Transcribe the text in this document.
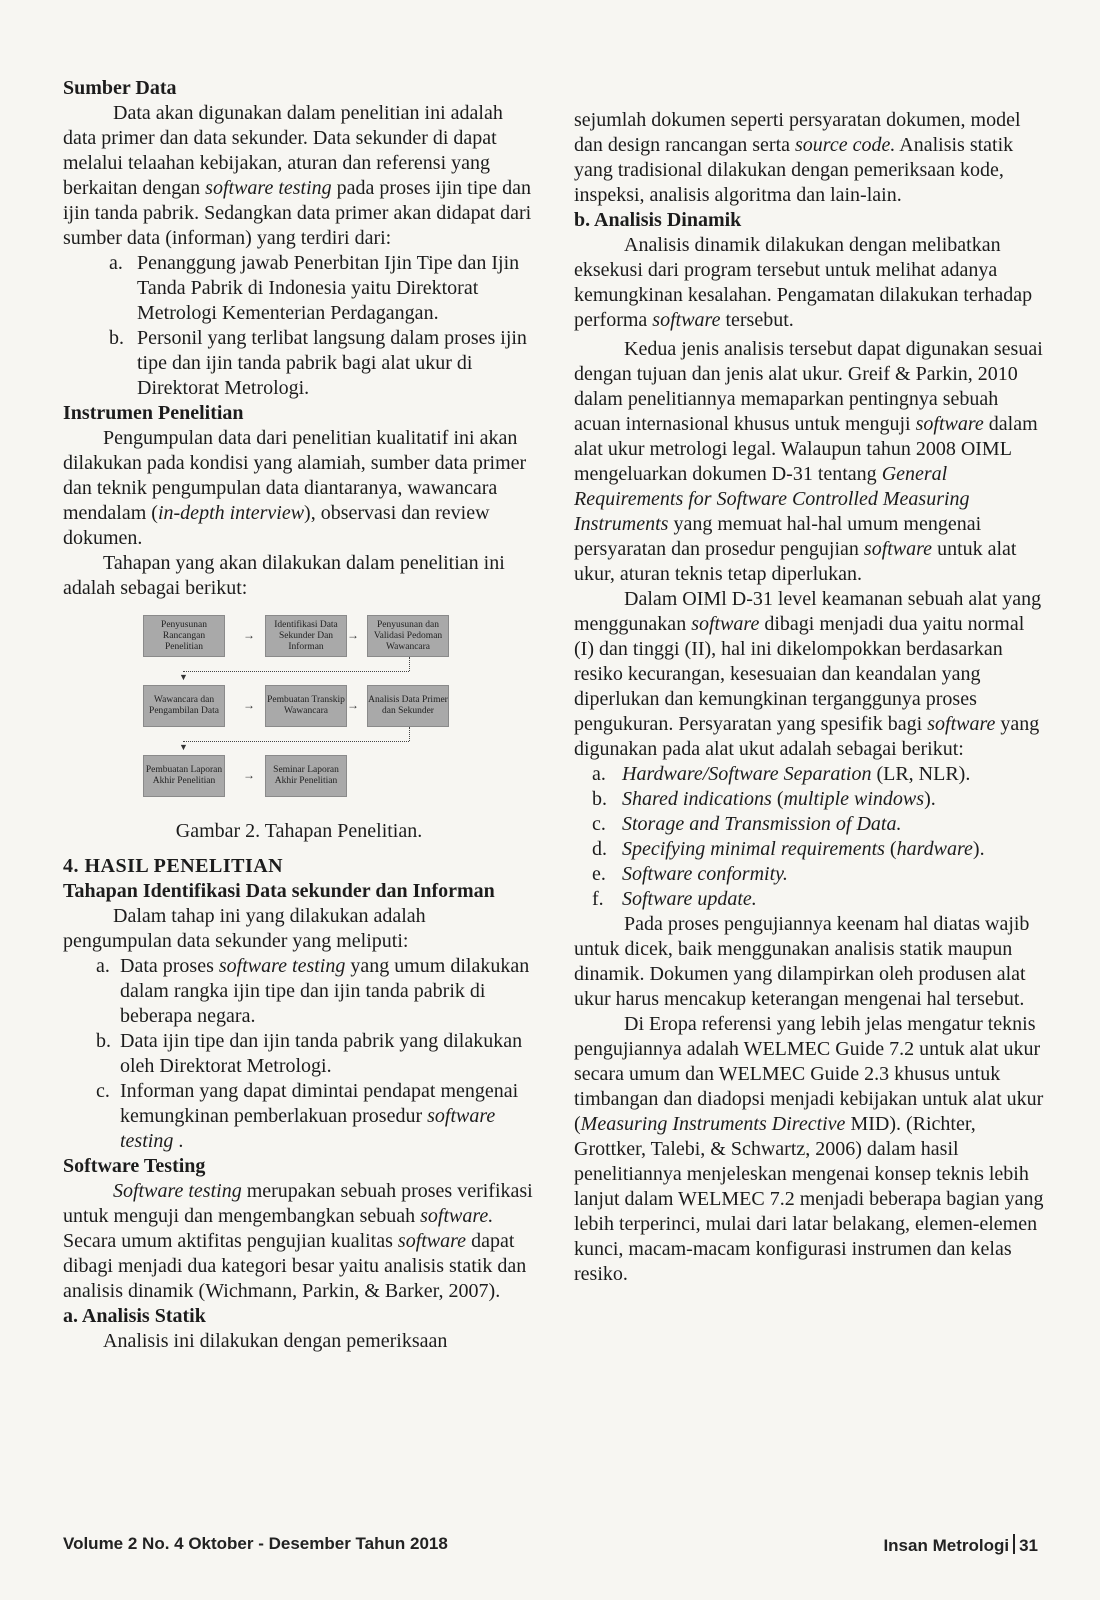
Sumber Data

Data akan digunakan dalam penelitian ini adalah data primer dan data sekunder. Data sekunder di dapat melalui telaahan kebijakan, aturan dan referensi yang berkaitan dengan software testing pada proses ijin tipe dan ijin tanda pabrik. Sedangkan data primer akan didapat dari sumber data (informan) yang terdiri dari:

a. Penanggung jawab Penerbitan Ijin Tipe dan Ijin Tanda Pabrik di Indonesia yaitu Direktorat Metrologi Kementerian Perdagangan.
b. Personil yang terlibat langsung dalam proses ijin tipe dan ijin tanda pabrik bagi alat ukur di Direktorat Metrologi.
Instrumen Penelitian

Pengumpulan data dari penelitian kualitatif ini akan dilakukan pada kondisi yang alamiah, sumber data primer dan teknik pengumpulan data diantaranya, wawancara mendalam (in-depth interview), observasi dan review dokumen.

Tahapan yang akan dilakukan dalam penelitian ini adalah sebagai berikut:

Penyusunan Rancangan Penelitian
Identifikasi Data Sekunder Dan Informan
Penyusunan dan Validasi Pedoman Wawancara
Wawancara dan Pengambilan Data
Pembuatan Transkip Wawancara
Analisis Data Primer dan Sekunder
Pembuatan Laporan Akhir Penelitian
Seminar Laporan Akhir Penelitian
→	→
→	→
→
▼
▼
Gambar 2. Tahapan Penelitian.
4. HASIL PENELITIAN
Tahapan Identifikasi Data sekunder dan Informan

Dalam tahap ini yang dilakukan adalah pengumpulan data sekunder yang meliputi:

a. Data proses software testing yang umum dilakukan dalam rangka ijin tipe dan ijin tanda pabrik di beberapa negara.
b. Data ijin tipe dan ijin tanda pabrik yang dilakukan oleh Direktorat Metrologi.
c. Informan yang dapat dimintai pendapat mengenai kemungkinan pemberlakuan prosedur software testing .
Software Testing

Software testing merupakan sebuah proses verifikasi untuk menguji dan mengembangkan sebuah software. Secara umum aktifitas pengujian kualitas software dapat dibagi menjadi dua kategori besar yaitu analisis statik dan analisis dinamik (Wichmann, Parkin, & Barker, 2007).

a. Analisis Statik

Analisis ini dilakukan dengan pemeriksaan

sejumlah dokumen seperti persyaratan dokumen, model dan design rancangan serta source code. Analisis statik yang tradisional dilakukan dengan pemeriksaan kode, inspeksi, analisis algoritma dan lain-lain.

b. Analisis Dinamik

Analisis dinamik dilakukan dengan melibatkan eksekusi dari program tersebut untuk melihat adanya kemungkinan kesalahan. Pengamatan dilakukan terhadap performa software tersebut.

Kedua jenis analisis tersebut dapat digunakan sesuai dengan tujuan dan jenis alat ukur. Greif & Parkin, 2010 dalam penelitiannya memaparkan pentingnya sebuah acuan internasional khusus untuk menguji software dalam alat ukur metrologi legal. Walaupun tahun 2008 OIML mengeluarkan dokumen D-31 tentang General Requirements for Software Controlled Measuring Instruments yang memuat hal-hal umum mengenai persyaratan dan prosedur pengujian software untuk alat ukur, aturan teknis tetap diperlukan.

Dalam OIMl D-31 level keamanan sebuah alat yang menggunakan software dibagi menjadi dua yaitu normal (I) dan tinggi (II), hal ini dikelompokkan berdasarkan resiko kecurangan, kesesuaian dan keandalan yang diperlukan dan kemungkinan terganggunya proses pengukuran. Persyaratan yang spesifik bagi software yang digunakan pada alat ukut adalah sebagai berikut:

a. Hardware/Software Separation (LR, NLR).
b. Shared indications (multiple windows).
c. Storage and Transmission of Data.
d. Specifying minimal requirements (hardware).
e. Software conformity.
f. Software update.

Pada proses pengujiannya keenam hal diatas wajib untuk dicek, baik menggunakan analisis statik maupun dinamik. Dokumen yang dilampirkan oleh produsen alat ukur harus mencakup keterangan mengenai hal tersebut.

Di Eropa referensi yang lebih jelas mengatur teknis pengujiannya adalah WELMEC Guide 7.2 untuk alat ukur secara umum dan WELMEC Guide 2.3 khusus untuk timbangan dan diadopsi menjadi kebijakan untuk alat ukur (Measuring Instruments Directive MID). (Richter, Grottker, Talebi, & Schwartz, 2006) dalam hasil penelitiannya menjeleskan mengenai konsep teknis lebih lanjut dalam WELMEC 7.2 menjadi beberapa bagian yang lebih terperinci, mulai dari latar belakang, elemen-elemen kunci, macam-macam konfigurasi instrumen dan kelas resiko.

Volume 2 No. 4 Oktober - Desember Tahun 2018	Insan Metrologi 31
